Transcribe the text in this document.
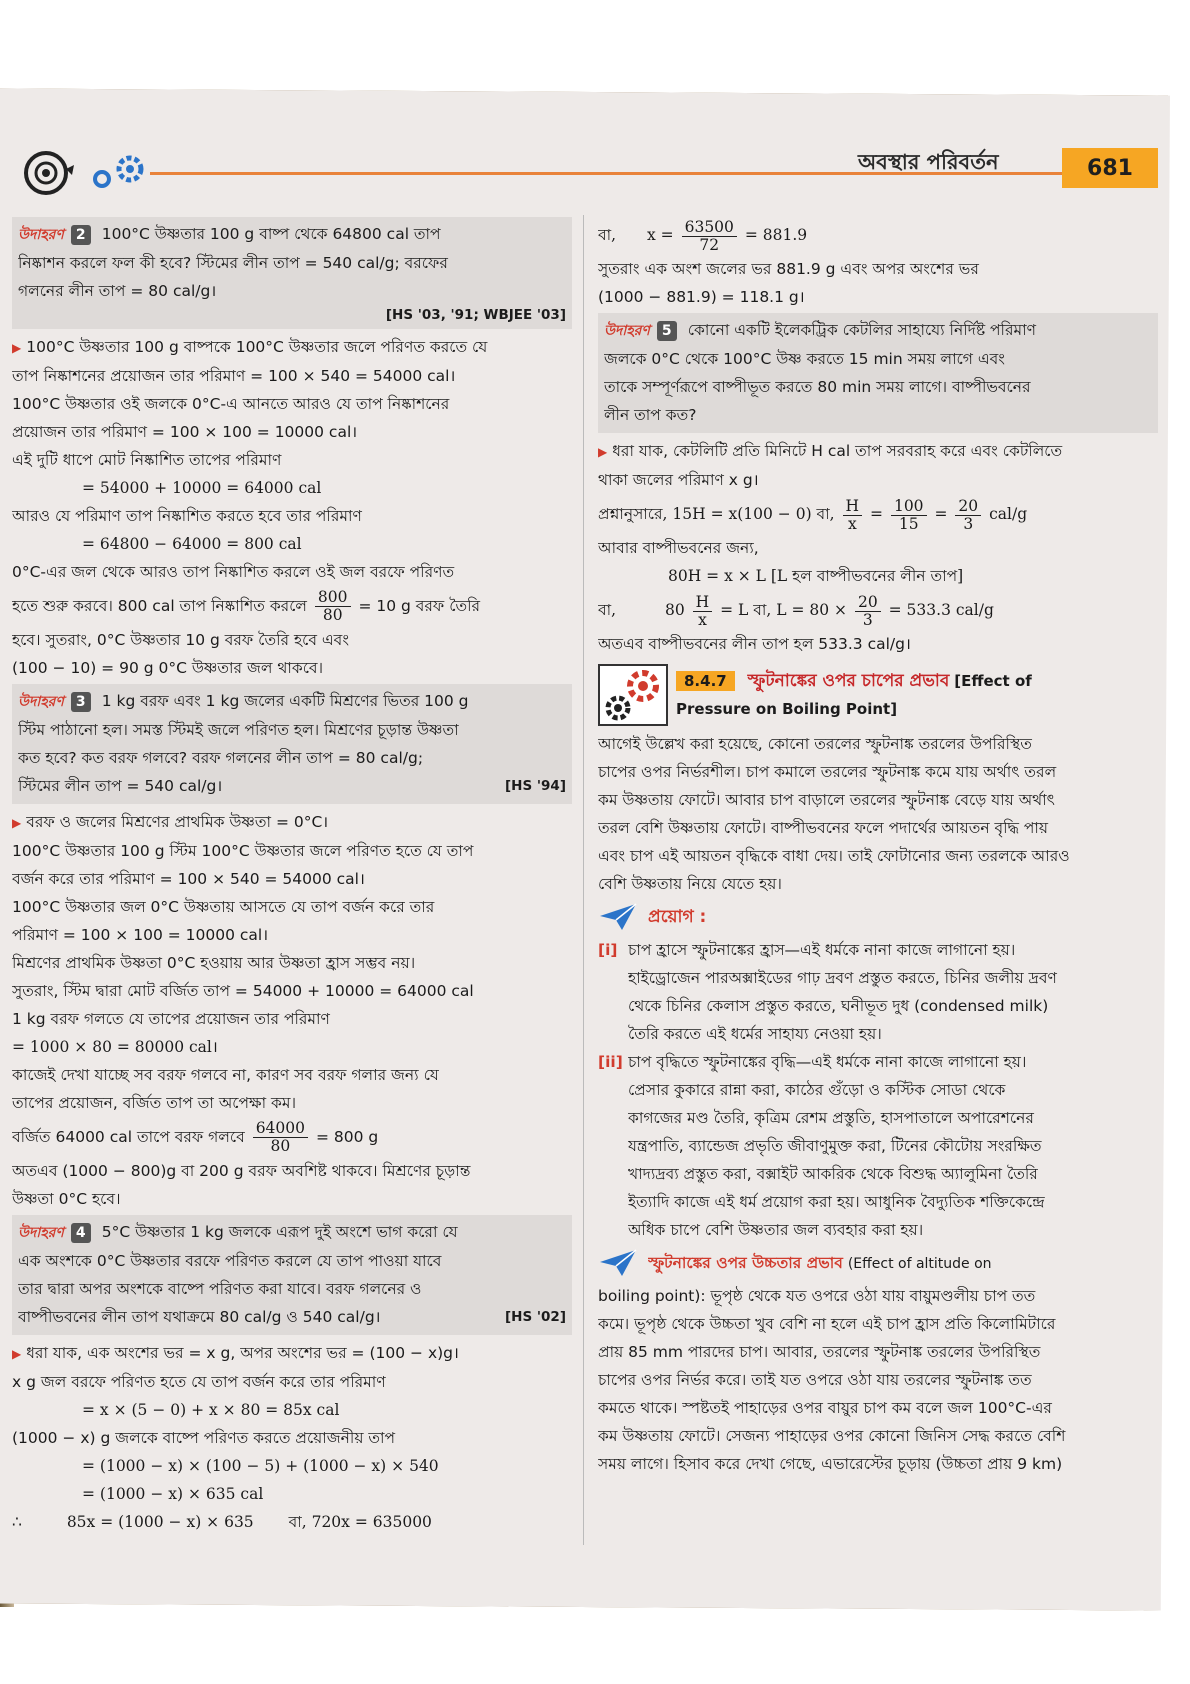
অবস্থার পরিবর্তন	681
উদাহরণ 2 100°C উষ্ণতার 100 g বাষ্প থেকে 64800 cal তাপ
নিষ্কাশন করলে ফল কী হবে? স্টিমের লীন তাপ = 540 cal/g; বরফের
গলনের লীন তাপ = 80 cal/g।
[HS '03, '91; WBJEE '03]
▶ 100°C উষ্ণতার 100 g বাষ্পকে 100°C উষ্ণতার জলে পরিণত করতে যে
তাপ নিষ্কাশনের প্রয়োজন তার পরিমাণ = 100 × 540 = 54000 cal।
100°C উষ্ণতার ওই জলকে 0°C-এ আনতে আরও যে তাপ নিষ্কাশনের
প্রয়োজন তার পরিমাণ = 100 × 100 = 10000 cal।
এই দুটি ধাপে মোট নিষ্কাশিত তাপের পরিমাণ
= 54000 + 10000 = 64000 cal
আরও যে পরিমাণ তাপ নিষ্কাশিত করতে হবে তার পরিমাণ
= 64800 − 64000 = 800 cal
0°C-এর জল থেকে আরও তাপ নিষ্কাশিত করলে ওই জল বরফে পরিণত
হতে শুরু করবে। 800 cal তাপ নিষ্কাশিত করলে $\frac{800}{80} = 10$ g বরফ তৈরি
হবে। সুতরাং, 0°C উষ্ণতার 10 g বরফ তৈরি হবে এবং
(100 − 10) = 90 g 0°C উষ্ণতার জল থাকবে।
উদাহরণ 3 1 kg বরফ এবং 1 kg জলের একটি মিশ্রণের ভিতর 100 g
স্টিম পাঠানো হল। সমস্ত স্টিমই জলে পরিণত হল। মিশ্রণের চূড়ান্ত উষ্ণতা
কত হবে? কত বরফ গলবে? বরফ গলনের লীন তাপ = 80 cal/g;
স্টিমের লীন তাপ = 540 cal/g।	[HS '94]
▶ বরফ ও জলের মিশ্রণের প্রাথমিক উষ্ণতা = 0°C।
100°C উষ্ণতার 100 g স্টিম 100°C উষ্ণতার জলে পরিণত হতে যে তাপ
বর্জন করে তার পরিমাণ = 100 × 540 = 54000 cal।
100°C উষ্ণতার জল 0°C উষ্ণতায় আসতে যে তাপ বর্জন করে তার
পরিমাণ = 100 × 100 = 10000 cal।
মিশ্রণের প্রাথমিক উষ্ণতা 0°C হওয়ায় আর উষ্ণতা হ্রাস সম্ভব নয়।
সুতরাং, স্টিম দ্বারা মোট বর্জিত তাপ = 54000 + 10000 = 64000 cal
1 kg বরফ গলতে যে তাপের প্রয়োজন তার পরিমাণ
= 1000 × 80 = 80000 cal।
কাজেই দেখা যাচ্ছে সব বরফ গলবে না, কারণ সব বরফ গলার জন্য যে
তাপের প্রয়োজন, বর্জিত তাপ তা অপেক্ষা কম।
বর্জিত 64000 cal তাপে বরফ গলবে $\frac{64000}{80} = 800$ g
অতএব (1000 − 800)g বা 200 g বরফ অবশিষ্ট থাকবে। মিশ্রণের চূড়ান্ত
উষ্ণতা 0°C হবে।
উদাহরণ 4 5°C উষ্ণতার 1 kg জলকে এরূপ দুই অংশে ভাগ করো যে
এক অংশকে 0°C উষ্ণতার বরফে পরিণত করলে যে তাপ পাওয়া যাবে
তার দ্বারা অপর অংশকে বাষ্পে পরিণত করা যাবে। বরফ গলনের ও
বাষ্পীভবনের লীন তাপ যথাক্রমে 80 cal/g ও 540 cal/g।	[HS '02]
▶ ধরা যাক, এক অংশের ভর = x g, অপর অংশের ভর = (100 − x)g।
x g জল বরফে পরিণত হতে যে তাপ বর্জন করে তার পরিমাণ
= x × (5 − 0) + x × 80 = 85x cal
(1000 − x) g জলকে বাষ্পে পরিণত করতে প্রয়োজনীয় তাপ
= (1000 − x) × (100 − 5) + (1000 − x) × 540
= (1000 − x) × 635 cal
∴	85x = (1000 − x) × 635 বা, 720x = 635000
বা, $x = \frac{63500}{72} = 881.9$
সুতরাং এক অংশ জলের ভর 881.9 g এবং অপর অংশের ভর
(1000 − 881.9) = 118.1 g।
উদাহরণ 5 কোনো একটি ইলেকট্রিক কেটলির সাহায্যে নির্দিষ্ট পরিমাণ
জলকে 0°C থেকে 100°C উষ্ণ করতে 15 min সময় লাগে এবং
তাকে সম্পূর্ণরূপে বাষ্পীভূত করতে 80 min সময় লাগে। বাষ্পীভবনের
লীন তাপ কত?
▶ ধরা যাক, কেটলিটি প্রতি মিনিটে H cal তাপ সরবরাহ করে এবং কেটলিতে
থাকা জলের পরিমাণ x g।
প্রশ্নানুসারে, 15H = x(100 − 0) বা, $\frac{H}{x} = \frac{100}{15} = \frac{20}{3} cal/g$
আবার বাষ্পীভবনের জন্য,
80H = x × L [L হল বাষ্পীভবনের লীন তাপ]
বা,	$80 \frac{H}{x} = L$ বা, $L = 80 \times \frac{20}{3} = 533.3$ cal/g
অতএব বাষ্পীভবনের লীন তাপ হল 533.3 cal/g।
8.4.7 স্ফুটনাঙ্কের ওপর চাপের প্রভাব [Effect of
Pressure on Boiling Point]
আগেই উল্লেখ করা হয়েছে, কোনো তরলের স্ফুটনাঙ্ক তরলের উপরিস্থিত
চাপের ওপর নির্ভরশীল। চাপ কমালে তরলের স্ফুটনাঙ্ক কমে যায় অর্থাৎ তরল
কম উষ্ণতায় ফোটে। আবার চাপ বাড়ালে তরলের স্ফুটনাঙ্ক বেড়ে যায় অর্থাৎ
তরল বেশি উষ্ণতায় ফোটে। বাষ্পীভবনের ফলে পদার্থের আয়তন বৃদ্ধি পায়
এবং চাপ এই আয়তন বৃদ্ধিকে বাধা দেয়। তাই ফোটানোর জন্য তরলকে আরও
বেশি উষ্ণতায় নিয়ে যেতে হয়।
প্রয়োগ :
[i] চাপ হ্রাসে স্ফুটনাঙ্কের হ্রাস—এই ধর্মকে নানা কাজে লাগানো হয়।
হাইড্রোজেন পারঅক্সাইডের গাঢ় দ্রবণ প্রস্তুত করতে, চিনির জলীয় দ্রবণ
থেকে চিনির কেলাস প্রস্তুত করতে, ঘনীভূত দুধ (condensed milk)
তৈরি করতে এই ধর্মের সাহায্য নেওয়া হয়।
[ii] চাপ বৃদ্ধিতে স্ফুটনাঙ্কের বৃদ্ধি—এই ধর্মকে নানা কাজে লাগানো হয়।
প্রেসার কুকারে রান্না করা, কাঠের গুঁড়ো ও কস্টিক সোডা থেকে
কাগজের মণ্ড তৈরি, কৃত্রিম রেশম প্রস্তুতি, হাসপাতালে অপারেশনের
যন্ত্রপাতি, ব্যান্ডেজ প্রভৃতি জীবাণুমুক্ত করা, টিনের কৌটোয় সংরক্ষিত
খাদ্যদ্রব্য প্রস্তুত করা, বক্সাইট আকরিক থেকে বিশুদ্ধ অ্যালুমিনা তৈরি
ইত্যাদি কাজে এই ধর্ম প্রয়োগ করা হয়। আধুনিক বৈদ্যুতিক শক্তিকেন্দ্রে
অধিক চাপে বেশি উষ্ণতার জল ব্যবহার করা হয়।
স্ফুটনাঙ্কের ওপর উচ্চতার প্রভাব (Effect of altitude on
boiling point): ভূপৃষ্ঠ থেকে যত ওপরে ওঠা যায় বায়ুমণ্ডলীয় চাপ তত
কমে। ভূপৃষ্ঠ থেকে উচ্চতা খুব বেশি না হলে এই চাপ হ্রাস প্রতি কিলোমিটারে
প্রায় 85 mm পারদের চাপ। আবার, তরলের স্ফুটনাঙ্ক তরলের উপরিস্থিত
চাপের ওপর নির্ভর করে। তাই যত ওপরে ওঠা যায় তরলের স্ফুটনাঙ্ক তত
কমতে থাকে। স্পষ্টতই পাহাড়ের ওপর বায়ুর চাপ কম বলে জল 100°C-এর
কম উষ্ণতায় ফোটে। সেজন্য পাহাড়ের ওপর কোনো জিনিস সেদ্ধ করতে বেশি
সময় লাগে। হিসাব করে দেখা গেছে, এভারেস্টের চূড়ায় (উচ্চতা প্রায় 9 km)
